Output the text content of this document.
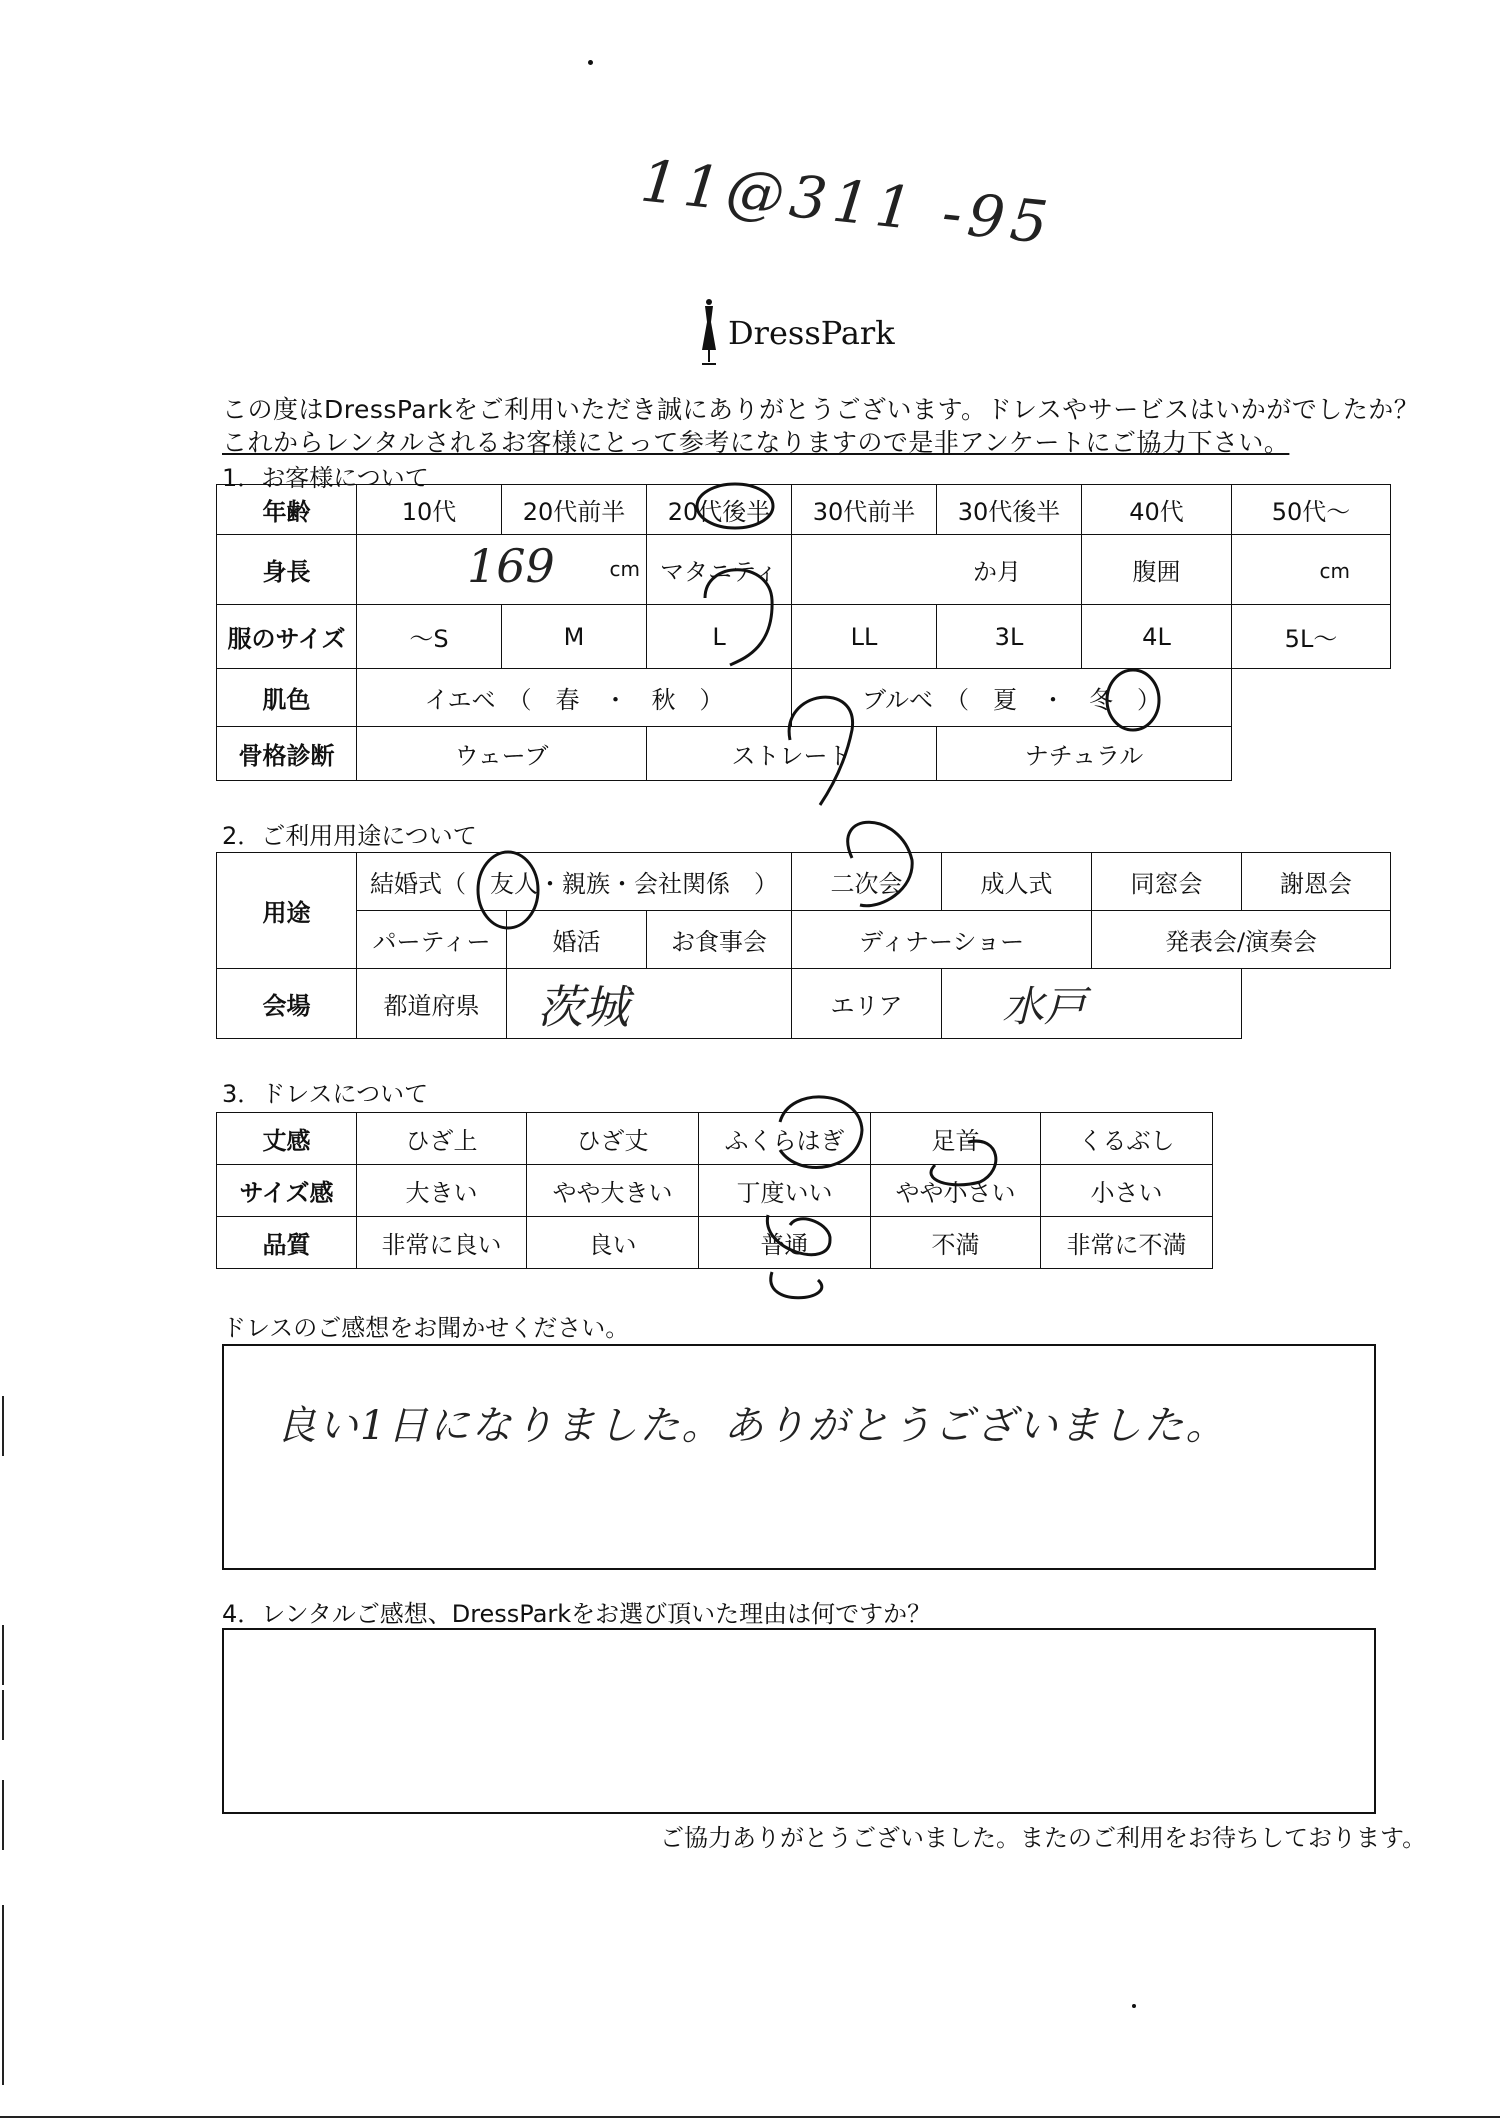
11@311 -95
DressPark
この度はDressParkをご利用いただき誠にありがとうございます。ドレスやサービスはいかがでしたか？
これからレンタルされるお客様にとって参考になりますので是非アンケートにご協力下さい。
1．お客様について
年齢	10代	20代前半	20代後半	30代前半	30代後半	40代	50代～
身長	169 cm		マタニティ	か月		腹囲	cm
服のサイズ	～S	M	L	LL	3L	4L	5L～
肌色	イエベ　（　春　・　秋　）			ブルベ　（　夏　・　冬　）			
骨格診断	ウェーブ		ストレート		ナチュラル		
2．ご利用用途について
用途	結婚式（　友人・親族・会社関係　）			二次会	成人式	同窓会	謝恩会
	パーティー	婚活	お食事会	ディナーショー		発表会/演奏会	
会場	都道府県	茨城		エリア	水戸		
3．ドレスについて
丈感	ひざ上	ひざ丈	ふくらはぎ	足首	くるぶし
サイズ感	大きい	やや大きい	丁度いい	やや小さい	小さい
品質	非常に良い	良い	普通	不満	非常に不満
ドレスのご感想をお聞かせください。
良い1日になりました。ありがとうございました。
4．レンタルご感想、DressParkをお選び頂いた理由は何ですか？
ご協力ありがとうございました。またのご利用をお待ちしております。
